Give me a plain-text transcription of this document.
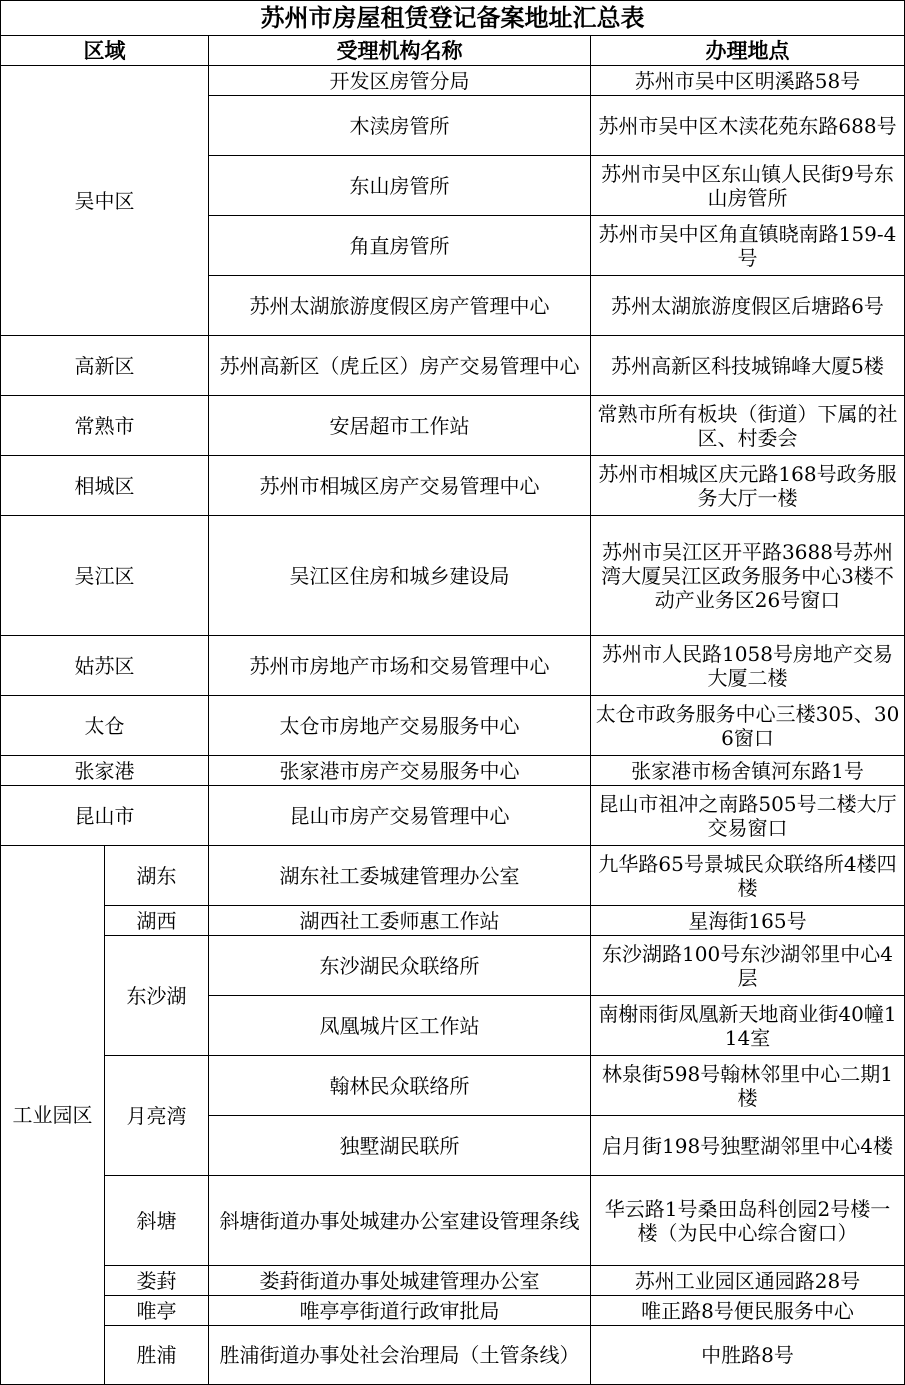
苏州市房屋租赁登记备案地址汇总表			
区域		受理机构名称	办理地点
吴中区		开发区房管分局	苏州市吴中区明溪路58号
		木渎房管所	苏州市吴中区木渎花苑东路688号
		东山房管所	苏州市吴中区东山镇人民街9号东山房管所
		角直房管所	苏州市吴中区角直镇晓南路159-4号
		苏州太湖旅游度假区房产管理中心	苏州太湖旅游度假区后塘路6号
高新区		苏州高新区（虎丘区）房产交易管理中心	苏州高新区科技城锦峰大厦5楼
常熟市		安居超市工作站	常熟市所有板块（街道）下属的社区、村委会
相城区		苏州市相城区房产交易管理中心	苏州市相城区庆元路168号政务服务大厅一楼
吴江区		吴江区住房和城乡建设局	苏州市吴江区开平路3688号苏州湾大厦吴江区政务服务中心3楼不动产业务区26号窗口
姑苏区		苏州市房地产市场和交易管理中心	苏州市人民路1058号房地产交易大厦二楼
太仓		太仓市房地产交易服务中心	太仓市政务服务中心三楼305、306窗口
张家港		张家港市房产交易服务中心	张家港市杨舍镇河东路1号
昆山市		昆山市房产交易管理中心	昆山市祖冲之南路505号二楼大厅交易窗口
工业园区	湖东	湖东社工委城建管理办公室	九华路65号景城民众联络所4楼四楼
	湖西	湖西社工委师惠工作站	星海街165号
	东沙湖	东沙湖民众联络所	东沙湖路100号东沙湖邻里中心4层
		凤凰城片区工作站	南榭雨街凤凰新天地商业街40幢114室
	月亮湾	翰林民众联络所	林泉街598号翰林邻里中心二期1楼
		独墅湖民联所	启月街198号独墅湖邻里中心4楼
	斜塘	斜塘街道办事处城建办公室建设管理条线	华云路1号桑田岛科创园2号楼一楼（为民中心综合窗口）
	娄葑	娄葑街道办事处城建管理办公室	苏州工业园区通园路28号
	唯亭	唯亭亭街道行政审批局	唯正路8号便民服务中心
	胜浦	胜浦街道办事处社会治理局（土管条线）	中胜路8号
